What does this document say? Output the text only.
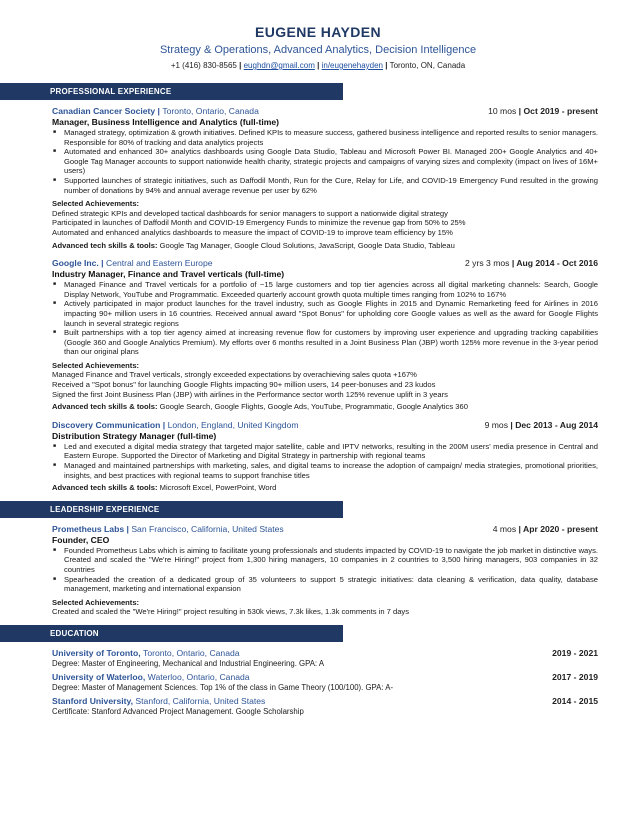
EUGENE HAYDEN
Strategy & Operations, Advanced Analytics, Decision Intelligence
+1 (416) 830-8565 | eughdn@gmail.com | in/eugenehayden | Toronto, ON, Canada
PROFESSIONAL EXPERIENCE
Canadian Cancer Society | Toronto, Ontario, Canada	10 mos | Oct 2019 - present
Manager, Business Intelligence and Analytics (full-time)
■ Managed strategy, optimization & growth initiatives. Defined KPIs to measure success, gathered business intelligence and reported results to senior managers. Responsible for 80% of tracking and data analytics projects
■ Automated and enhanced 30+ analytics dashboards using Google Data Studio, Tableau and Microsoft Power BI. Managed 200+ Google Analytics and 40+ Google Tag Manager accounts to support nationwide health charity, strategic projects and campaigns of varying sizes and complexity (impact on lives of 16M+ users)
■ Supported launches of strategic initiatives, such as Daffodil Month, Run for the Cure, Relay for Life, and COVID-19 Emergency Fund resulted in the growing number of donations by 94% and annual average revenue per user by 62%
Selected Achievements:
Defined strategic KPIs and developed tactical dashboards for senior managers to support a nationwide digital strategy
Participated in launches of Daffodil Month and COVID-19 Emergency Funds to minimize the revenue gap from 50% to 25%
Automated and enhanced analytics dashboards to measure the impact of COVID-19 to improve team efficiency by 15%
Advanced tech skills & tools: Google Tag Manager, Google Cloud Solutions, JavaScript, Google Data Studio, Tableau
Google Inc. | Central and Eastern Europe	2 yrs 3 mos | Aug 2014 - Oct 2016
Industry Manager, Finance and Travel verticals (full-time)
■ Managed Finance and Travel verticals for a portfolio of ~15 large customers and top tier agencies across all digital marketing channels: Search, Google Display Network, YouTube and Programmatic. Exceeded quarterly account growth quota multiple times ranging from 102% to 167%
■ Actively participated in major product launches for the travel industry, such as Google Flights in 2015 and Dynamic Remarketing feed for Airlines in 2016 impacting 90+ million users in 16 countries. Received annual award "Spot Bonus" for upholding core Google values as well as the award for Google Flights launch in several strategic regions
■ Built partnerships with a top tier agency aimed at increasing revenue flow for customers by improving user experience and upgrading tracking capabilities (Google 360 and Google Analytics Premium). My efforts over 6 months resulted in a Joint Business Plan (JBP) worth 125% more revenue in the 3-year period than our original plans
Selected Achievements:
Managed Finance and Travel verticals, strongly exceeded expectations by overachieving sales quota +167%
Received a "Spot bonus" for launching Google Flights impacting 90+ million users, 14 peer-bonuses and 23 kudos
Signed the first Joint Business Plan (JBP) with airlines in the Performance sector worth 125% revenue uplift in 3 years
Advanced tech skills & tools: Google Search, Google Flights, Google Ads, YouTube, Programmatic, Google Analytics 360
Discovery Communication | London, England, United Kingdom	9 mos | Dec 2013 - Aug 2014
Distribution Strategy Manager (full-time)
■ Led and executed a digital media strategy that targeted major satellite, cable and IPTV networks, resulting in the 200M users' media presence in Central and Eastern Europe. Supported the Director of Marketing and Digital Strategy in partnership with regional teams
■ Managed and maintained partnerships with marketing, sales, and digital teams to increase the adoption of campaign/ media strategies, promotional priorities, insights, and best practices with regional teams to support franchise titles
Advanced tech skills & tools: Microsoft Excel, PowerPoint, Word
LEADERSHIP EXPERIENCE
Prometheus Labs | San Francisco, California, United States	4 mos | Apr 2020 - present
Founder, CEO
■ Founded Prometheus Labs which is aiming to facilitate young professionals and students impacted by COVID-19 to navigate the job market in distinctive ways. Created and scaled the "We're Hiring!" project from 1,300 hiring managers, 10 companies in 2 countries to 3,500 hiring managers, 903 companies in 32 countries
■ Spearheaded the creation of a dedicated group of 35 volunteers to support 5 strategic initiatives: data cleaning & verification, data quality, database management, marketing and international expansion
Selected Achievements:
Created and scaled the "We're Hiring!" project resulting in 530k views, 7.3k likes, 1.3k comments in 7 days
EDUCATION
University of Toronto, Toronto, Ontario, Canada	2019 - 2021
Degree: Master of Engineering, Mechanical and Industrial Engineering. GPA: A
University of Waterloo, Waterloo, Ontario, Canada	2017 - 2019
Degree: Master of Management Sciences. Top 1% of the class in Game Theory (100/100). GPA: A-
Stanford University, Stanford, California, United States	2014 - 2015
Certificate: Stanford Advanced Project Management. Google Scholarship
